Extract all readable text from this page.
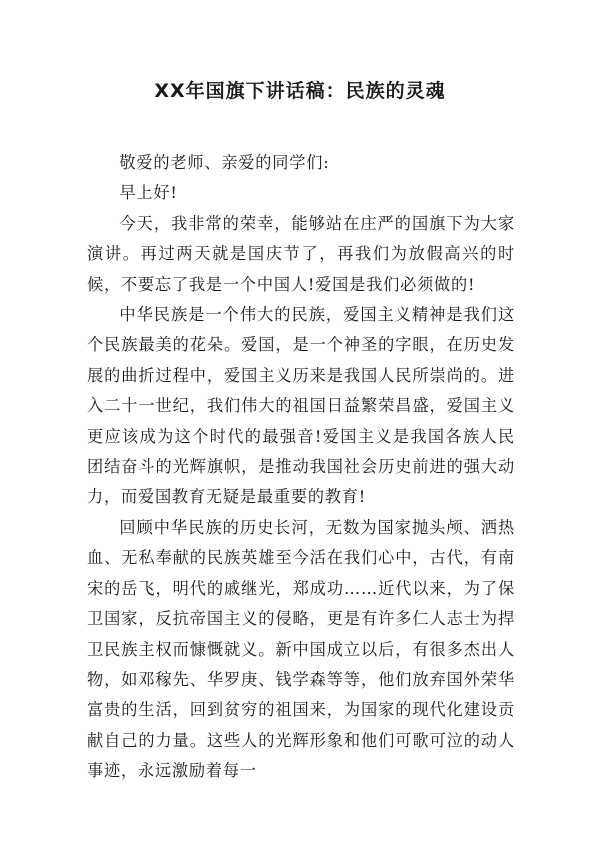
XX年国旗下讲话稿：民族的灵魂

敬爱的老师、亲爱的同学们:

早上好!

今天，我非常的荣幸，能够站在庄严的国旗下为大家演讲。再过两天就是国庆节了，再我们为放假高兴的时候，不要忘了我是一个中国人!爱国是我们必须做的!

中华民族是一个伟大的民族，爱国主义精神是我们这个民族最美的花朵。爱国，是一个神圣的字眼，在历史发展的曲折过程中，爱国主义历来是我国人民所崇尚的。进入二十一世纪，我们伟大的祖国日益繁荣昌盛，爱国主义更应该成为这个时代的最强音!爱国主义是我国各族人民团结奋斗的光辉旗帜，是推动我国社会历史前进的强大动力，而爱国教育无疑是最重要的教育!

回顾中华民族的历史长河，无数为国家抛头颅、洒热血、无私奉献的民族英雄至今活在我们心中，古代，有南宋的岳飞，明代的戚继光，郑成功……近代以来，为了保卫国家，反抗帝国主义的侵略，更是有许多仁人志士为捍卫民族主权而慷慨就义。新中国成立以后，有很多杰出人物，如邓稼先、华罗庚、钱学森等等，他们放弃国外荣华富贵的生活，回到贫穷的祖国来，为国家的现代化建设贡献自己的力量。这些人的光辉形象和他们可歌可泣的动人事迹，永远激励着每一
